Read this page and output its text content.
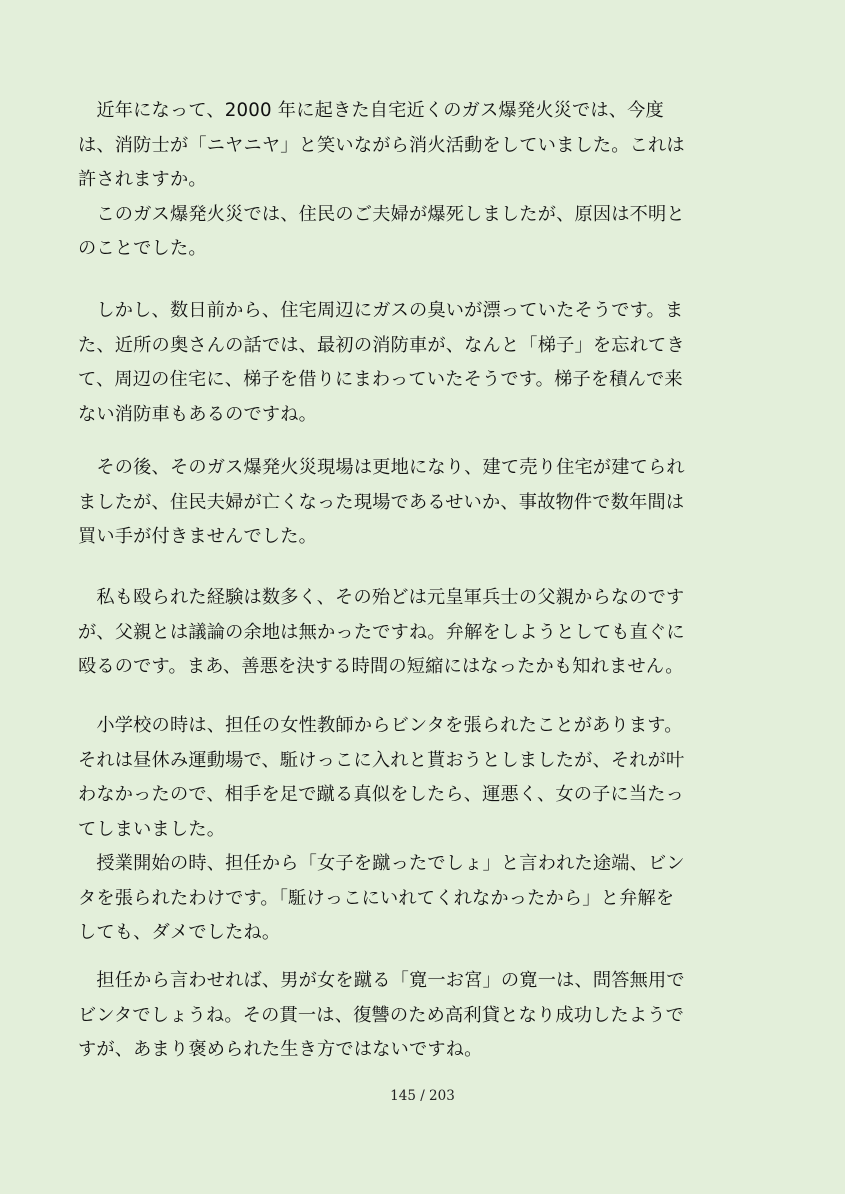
　近年になって、2000 年に起きた自宅近くのガス爆発火災では、今度
は、消防士が「ニヤニヤ」と笑いながら消火活動をしていました。これは
許されますか。
　このガス爆発火災では、住民のご夫婦が爆死しましたが、原因は不明と
のことでした。
　しかし、数日前から、住宅周辺にガスの臭いが漂っていたそうです。ま
た、近所の奥さんの話では、最初の消防車が、なんと「梯子」を忘れてき
て、周辺の住宅に、梯子を借りにまわっていたそうです。梯子を積んで来
ない消防車もあるのですね。
　その後、そのガス爆発火災現場は更地になり、建て売り住宅が建てられ
ましたが、住民夫婦が亡くなった現場であるせいか、事故物件で数年間は
買い手が付きませんでした。
　私も殴られた経験は数多く、その殆どは元皇軍兵士の父親からなのです
が、父親とは議論の余地は無かったですね。弁解をしようとしても直ぐに
殴るのです。まあ、善悪を決する時間の短縮にはなったかも知れません。
　小学校の時は、担任の女性教師からビンタを張られたことがあります。
それは昼休み運動場で、駈けっこに入れと貰おうとしましたが、それが叶
わなかったので、相手を足で蹴る真似をしたら、運悪く、女の子に当たっ
てしまいました。
　授業開始の時、担任から「女子を蹴ったでしょ」と言われた途端、ビン
タを張られたわけです。「駈けっこにいれてくれなかったから」と弁解を
しても、ダメでしたね。
　担任から言わせれば、男が女を蹴る「寛一お宮」の寛一は、問答無用で
ビンタでしょうね。その貫一は、復讐のため高利貸となり成功したようで
すが、あまり褒められた生き方ではないですね。
145 / 203
